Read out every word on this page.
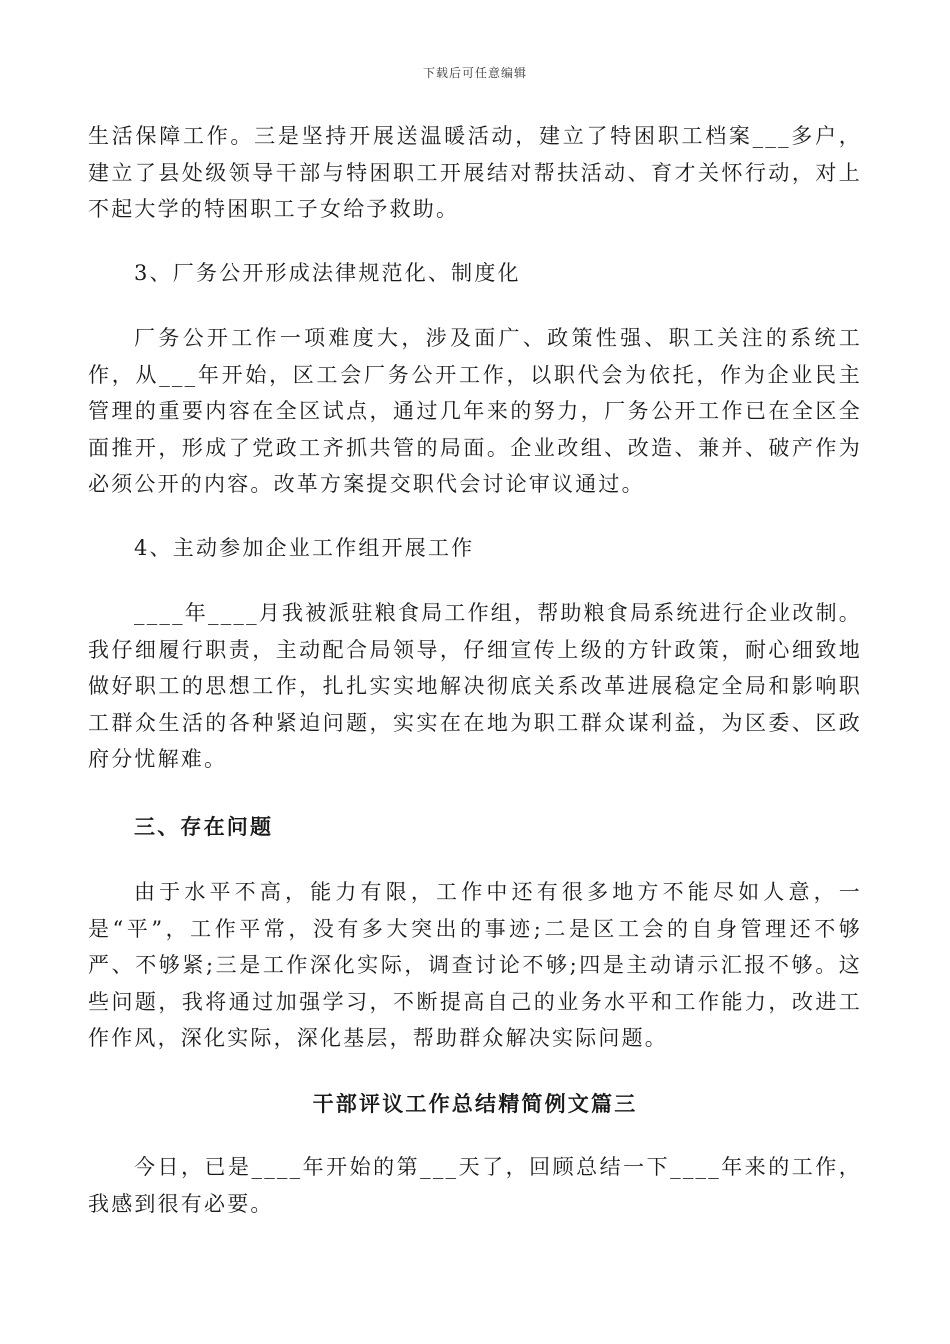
下载后可任意编辑

生活保障工作。三是坚持开展送温暖活动，建立了特困职工档案___多户，建立了县处级领导干部与特困职工开展结对帮扶活动、育才关怀行动，对上不起大学的特困职工子女给予救助。

3、厂务公开形成法律规范化、制度化

厂务公开工作一项难度大，涉及面广、政策性强、职工关注的系统工作，从___年开始，区工会厂务公开工作，以职代会为依托，作为企业民主管理的重要内容在全区试点，通过几年来的努力，厂务公开工作已在全区全面推开，形成了党政工齐抓共管的局面。企业改组、改造、兼并、破产作为必须公开的内容。改革方案提交职代会讨论审议通过。

4、主动参加企业工作组开展工作

____年____月我被派驻粮食局工作组，帮助粮食局系统进行企业改制。我仔细履行职责，主动配合局领导，仔细宣传上级的方针政策，耐心细致地做好职工的思想工作，扎扎实实地解决彻底关系改革进展稳定全局和影响职工群众生活的各种紧迫问题，实实在在地为职工群众谋利益，为区委、区政府分忧解难。

三、存在问题

由于水平不高，能力有限，工作中还有很多地方不能尽如人意，一是“平”，工作平常，没有多大突出的事迹;二是区工会的自身管理还不够严、不够紧;三是工作深化实际，调查讨论不够;四是主动请示汇报不够。这些问题，我将通过加强学习，不断提高自己的业务水平和工作能力，改进工作作风，深化实际，深化基层，帮助群众解决实际问题。

干部评议工作总结精简例文篇三

今日，已是____年开始的第___天了，回顾总结一下____年来的工作，我感到很有必要。
